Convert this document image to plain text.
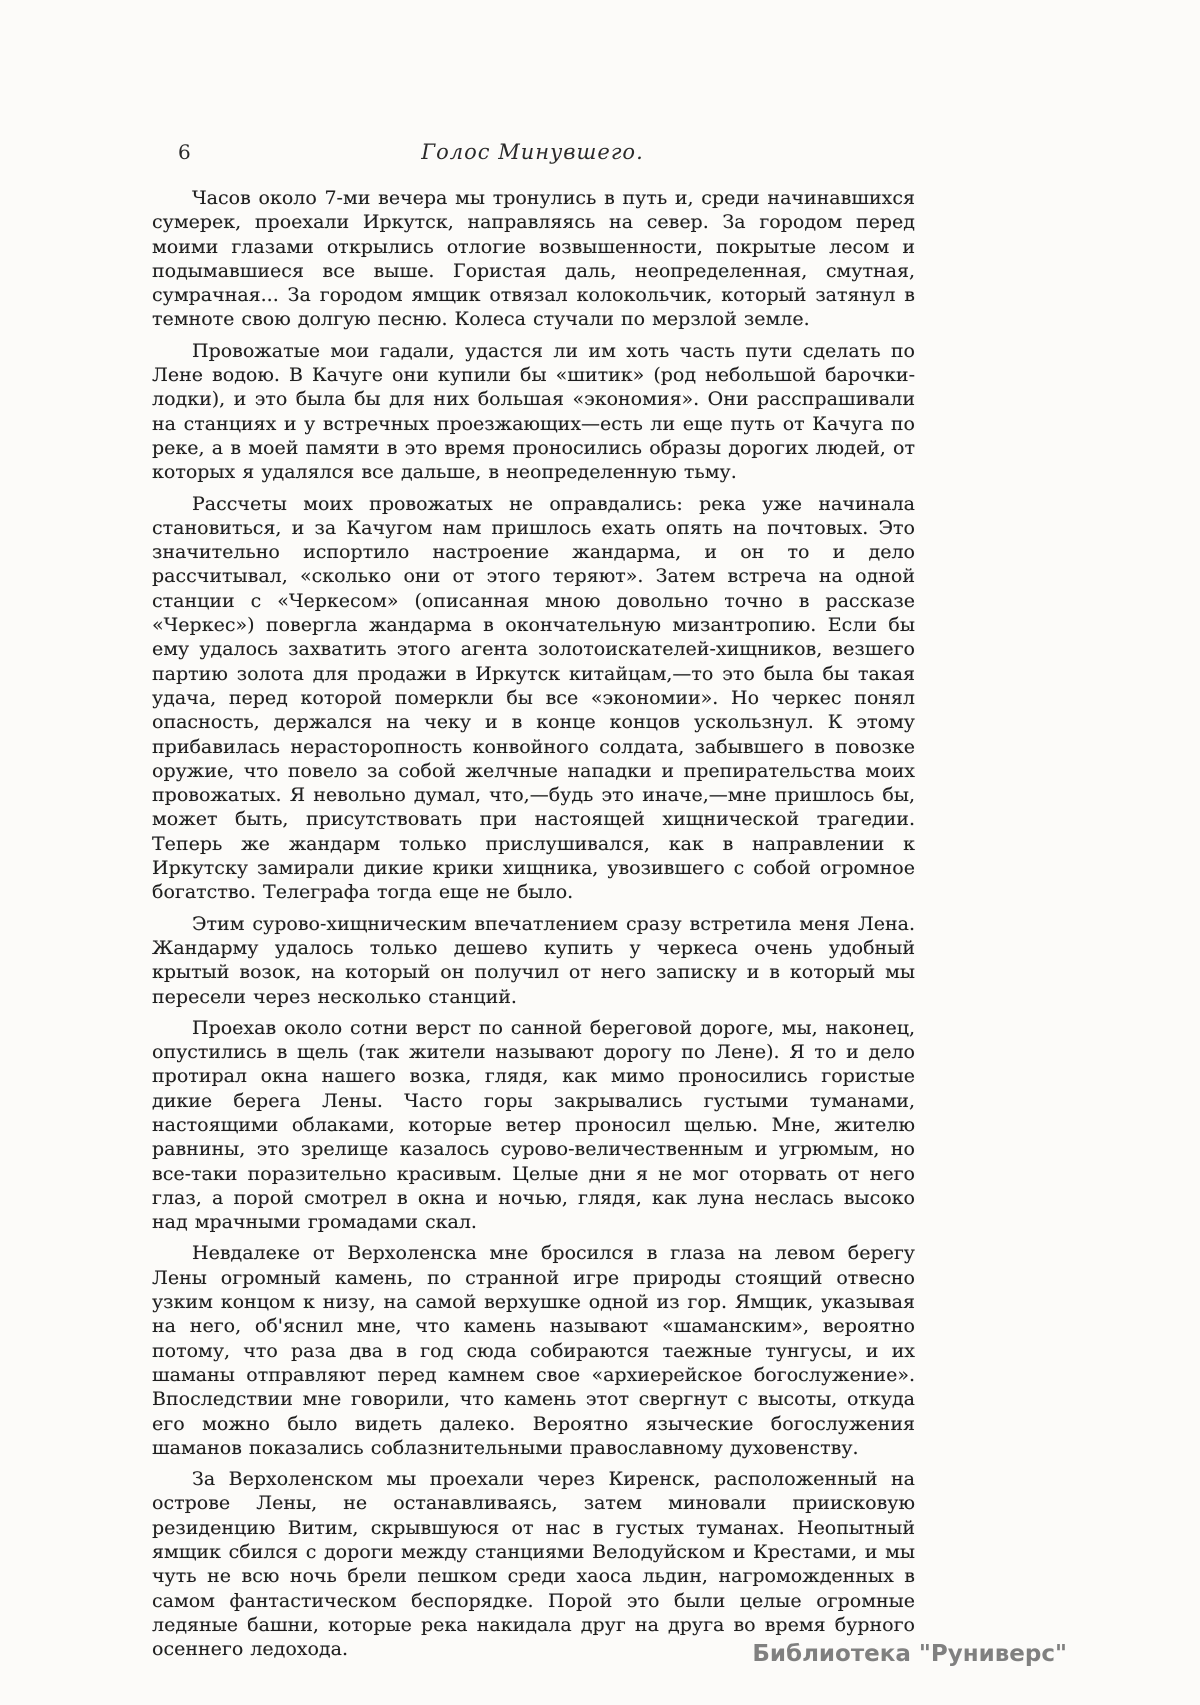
6	Голос Минувшего.

Часов около 7-ми вечера мы тронулись в путь и, среди начинавшихся сумерек, проехали Иркутск, направляясь на север. За городом перед моими глазами открылись отлогие возвышенности, покрытые лесом и подымавшиеся все выше. Гористая даль, неопределенная, смутная, сумрачная... За городом ямщик отвязал колокольчик, который затянул в темноте свою долгую песню. Колеса стучали по мерзлой земле.

Провожатые мои гадали, удастся ли им хоть часть пути сделать по Лене водою. В Качуге они купили бы «шитик» (род небольшой барочки-лодки), и это была бы для них большая «экономия». Они расспрашивали на станциях и у встречных проезжающих—есть ли еще путь от Качуга по реке, а в моей памяти в это время проносились образы дорогих людей, от которых я удалялся все дальше, в неопределенную тьму.

Рассчеты моих провожатых не оправдались: река уже начинала становиться, и за Качугом нам пришлось ехать опять на почтовых. Это значительно испортило настроение жандарма, и он то и дело рассчитывал, «сколько они от этого теряют». Затем встреча на одной станции с «Черкесом» (описанная мною довольно точно в рассказе «Черкес») повергла жандарма в окончательную мизантропию. Если бы ему удалось захватить этого агента золотоискателей-хищников, везшего партию золота для продажи в Иркутск китайцам,—то это была бы такая удача, перед которой померкли бы все «экономии». Но черкес понял опасность, держался на чеку и в конце концов ускользнул. К этому прибавилась нерасторопность конвойного солдата, забывшего в повозке оружие, что повело за собой желчные нападки и препирательства моих провожатых. Я невольно думал, что,—будь это иначе,—мне пришлось бы, может быть, присутствовать при настоящей хищнической трагедии. Теперь же жандарм только прислушивался, как в направлении к Иркутску замирали дикие крики хищника, увозившего с собой огромное богатство. Телеграфа тогда еще не было.

Этим сурово-хищническим впечатлением сразу встретила меня Лена. Жандарму удалось только дешево купить у черкеса очень удобный крытый возок, на который он получил от него записку и в который мы пересели через несколько станций.

Проехав около сотни верст по санной береговой дороге, мы, наконец, опустились в щель (так жители называют дорогу по Лене). Я то и дело протирал окна нашего возка, глядя, как мимо проносились гористые дикие берега Лены. Часто горы закрывались густыми туманами, настоящими облаками, которые ветер проносил щелью. Мне, жителю равнины, это зрелище казалось сурово-величественным и угрюмым, но все-таки поразительно красивым. Целые дни я не мог оторвать от него глаз, а порой смотрел в окна и ночью, глядя, как луна неслась высоко над мрачными громадами скал.

Невдалеке от Верхоленска мне бросился в глаза на левом берегу Лены огромный камень, по странной игре природы стоящий отвесно узким концом к низу, на самой верхушке одной из гор. Ямщик, указывая на него, об'яснил мне, что камень называют «шаманским», вероятно потому, что раза два в год сюда собираются таежные тунгусы, и их шаманы отправляют перед камнем свое «архиерейское богослужение». Впоследствии мне говорили, что камень этот свергнут с высоты, откуда его можно было видеть далеко. Вероятно языческие богослужения шаманов показались соблазнительными православному духовенству.

За Верхоленском мы проехали через Киренск, расположенный на острове Лены, не останавливаясь, затем миновали приисковую резиденцию Витим, скрывшуюся от нас в густых туманах. Неопытный ямщик сбился с дороги между станциями Велодуйском и Крестами, и мы чуть не всю ночь брели пешком среди хаоса льдин, нагроможденных в самом фантастическом беспорядке. Порой это были целые огромные ледяные башни, которые река накидала друг на друга во время бурного осеннего ледохода.	Библиотека "Руниверс"
